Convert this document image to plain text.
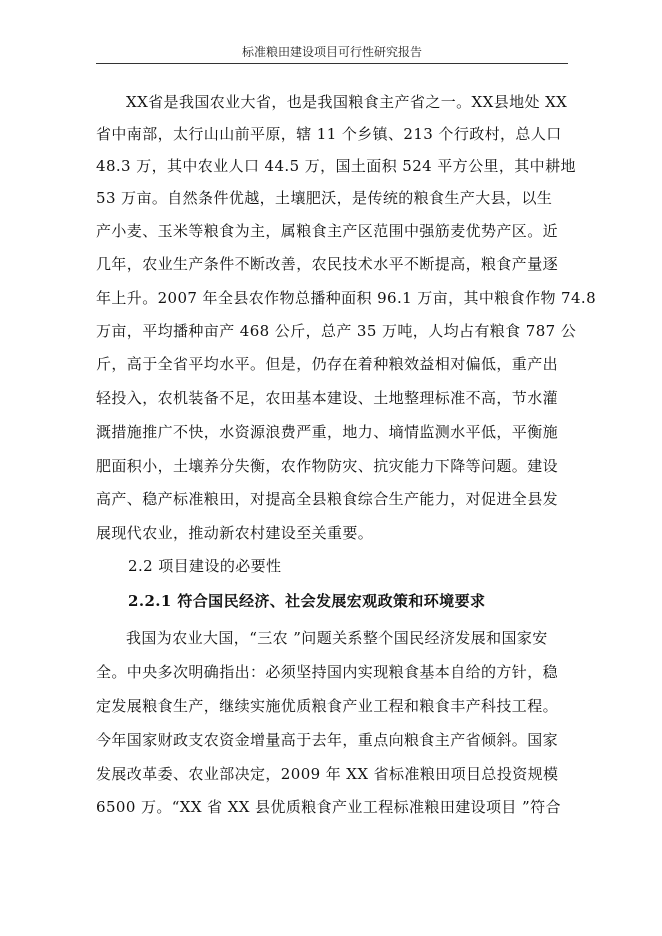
标准粮田建设项目可行性研究报告
XX省是我国农业大省，也是我国粮食主产省之一。XX县地处 XX
省中南部，太行山山前平原，辖 11 个乡镇、213 个行政村，总人口
48.3 万，其中农业人口 44.5 万，国土面积 524 平方公里，其中耕地
53 万亩。自然条件优越，土壤肥沃，是传统的粮食生产大县，以生
产小麦、玉米等粮食为主，属粮食主产区范围中强筋麦优势产区。近
几年，农业生产条件不断改善，农民技术水平不断提高，粮食产量逐
年上升。2007 年全县农作物总播种面积 96.1 万亩，其中粮食作物 74.8
万亩，平均播种亩产 468 公斤，总产 35 万吨，人均占有粮食 787 公
斤，高于全省平均水平。但是，仍存在着种粮效益相对偏低，重产出
轻投入，农机装备不足，农田基本建设、土地整理标准不高，节水灌
溉措施推广不快，水资源浪费严重，地力、墒情监测水平低，平衡施
肥面积小，土壤养分失衡，农作物防灾、抗灾能力下降等问题。建设
高产、稳产标准粮田，对提高全县粮食综合生产能力，对促进全县发
展现代农业，推动新农村建设至关重要。
2.2 项目建设的必要性
2.2.1 符合国民经济、社会发展宏观政策和环境要求
我国为农业大国，“三农 ”问题关系整个国民经济发展和国家安
全。中央多次明确指出：必须坚持国内实现粮食基本自给的方针，稳
定发展粮食生产，继续实施优质粮食产业工程和粮食丰产科技工程。
今年国家财政支农资金增量高于去年，重点向粮食主产省倾斜。国家
发展改革委、农业部决定，2009 年 XX 省标准粮田项目总投资规模
6500 万。“XX 省 XX 县优质粮食产业工程标准粮田建设项目 ”符合
